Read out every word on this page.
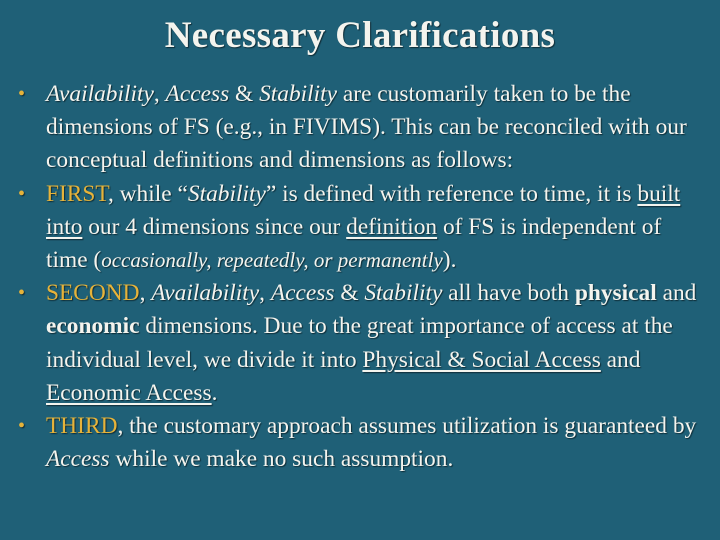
Necessary Clarifications
• Availability, Access & Stability are customarily taken to be the dimensions of FS (e.g., in FIVIMS). This can be reconciled with our conceptual definitions and dimensions as follows:
• FIRST, while “Stability” is defined with reference to time, it is built into our 4 dimensions since our definition of FS is independent of time (occasionally, repeatedly, or permanently).
• SECOND, Availability, Access & Stability all have both physical and economic dimensions. Due to the great importance of access at the individual level, we divide it into Physical & Social Access and Economic Access.
• THIRD, the customary approach assumes utilization is guaranteed by Access while we make no such assumption.
